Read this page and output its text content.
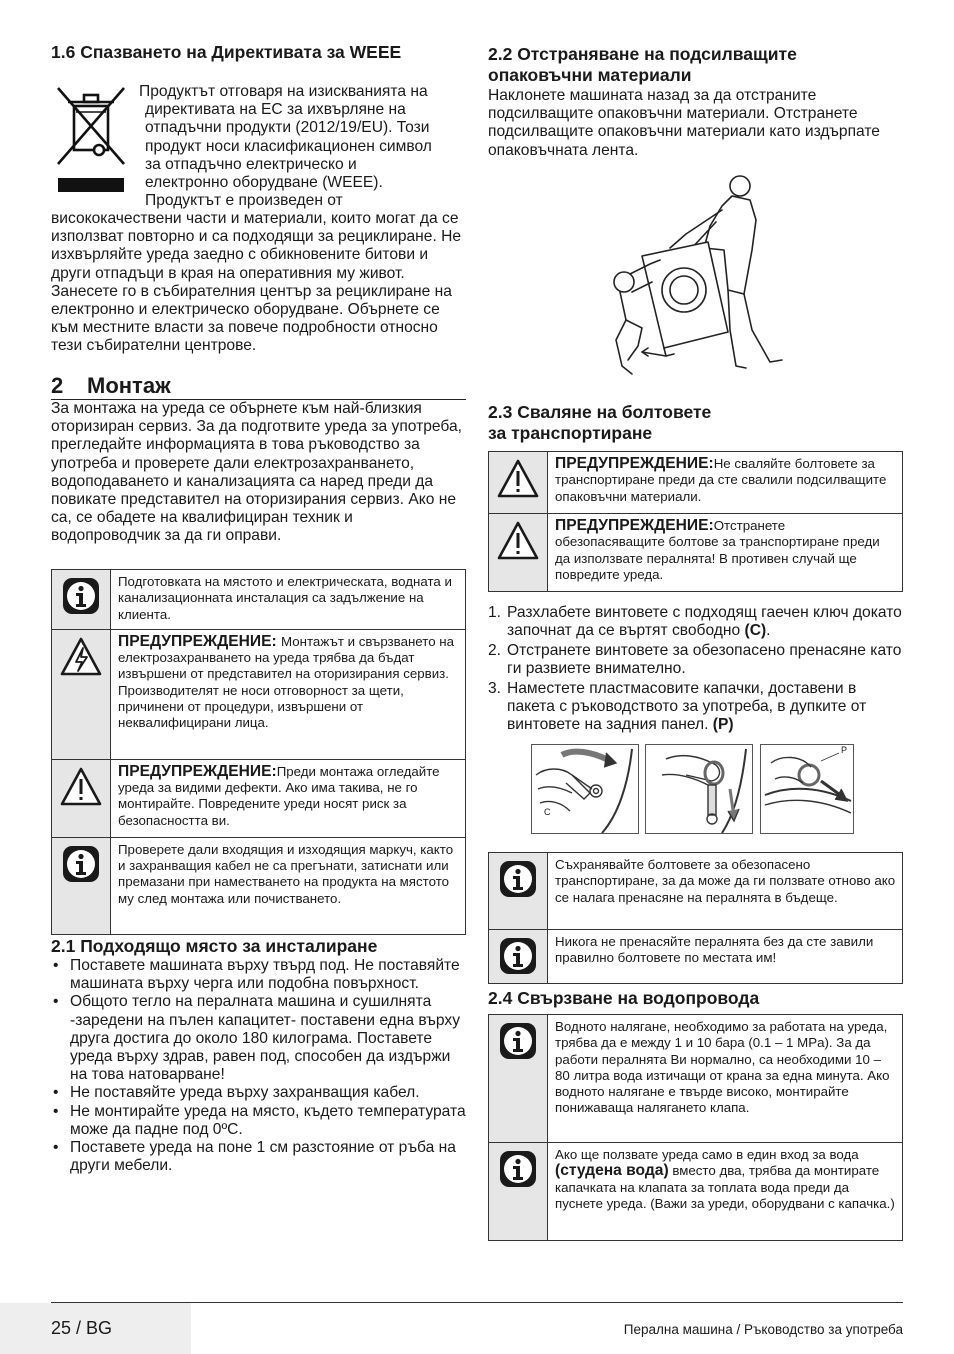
1.6 Спазването на Директивата за WEEE
Продуктът отговаря на изискванията на
директивата на ЕС за ихвърляне на
отпадъчни продукти (2012/19/EU). Този
продукт носи класификационен символ
за отпадъчно електрическо и
електронно оборудване (WEEE).
Продуктът е произведен от

висококачествени части и материали, които могат да се използват повторно и са подходящи за рециклиране. Не изхвърляйте уреда заедно с обикновените битови и други отпадъци в края на оперативния му живот. Занесете го в събирателния център за рециклиране на електронно и електрическо оборудване. Обърнете се към местните власти за повече подробности относно тези събирателни центрове.

2 Монтаж

За монтажа на уреда се обърнете към най-близкия оторизиран сервиз. За да подготвите уреда за употреба, прегледайте информацията в това ръководство за употреба и проверете дали електрозахранването, водоподаването и канализацията са наред преди да повикате представител на оторизирания сервиз. Ако не са, се обадете на квалифициран техник и водопроводчик за да ги оправи.

	Подготовката на мястото и електрическата, водната и канализационната инсталация са задължение на клиента.
	ПРЕДУПРЕЖДЕНИЕ: Монтажът и свързването на електрозахранването на уреда трябва да бъдат извършени от представител на оторизирания сервиз. Производителят не носи отговорност за щети, причинени от процедури, извършени от неквалифицирани лица.
	ПРЕДУПРЕЖДЕНИЕ:Преди монтажа огледайте уреда за видими дефекти. Ако има такива, не го монтирайте. Повредените уреди носят риск за безопасността ви.
	Проверете дали входящия и изходящия маркуч, както и захранващия кабел не са прегънати, затиснати или премазани при наместването на продукта на мястото му след монтажа или почистването.
2.1 Подходящо място за инсталиране
• Поставете машината върху твърд под. Не поставяйте машината върху черга или подобна повърхност.
• Общото тегло на пералната машина и сушилнята -заредени на пълен капацитет- поставени една върху друга достига до около 180 килограма. Поставете уреда върху здрав, равен под, способен да издържи на това натоварване!
• Не поставяйте уреда върху захранващия кабел.
• Не монтирайте уреда на място, където температурата може да падне под 0ºC.
• Поставете уреда на поне 1 см разстояние от ръба на други мебели.
2.2 Отстраняване на подсилващите опаковъчни материали

Наклонете машината назад за да отстраните подсилващите опаковъчни материали. Отстранете подсилващите опаковъчни материали като издърпате опаковъчната лента.

2.3 Сваляне на болтовете
за транспортиране
	ПРЕДУПРЕЖДЕНИЕ:Не сваляйте болтовете за транспортиране преди да сте свалили подсилващите опаковъчни материали.
	ПРЕДУПРЕЖДЕНИЕ:Отстранете обезопасяващите болтове за транспортиране преди да използвате пералнята! В противен случай ще повредите уреда.
1. Разхлабете винтовете с подходящ гаечен ключ докато започнат да се въртят свободно (C).
2. Отстранете винтовете за обезопасено пренасяне като ги развиете внимателно.
3. Наместете пластмасовите капачки, доставени в пакета с ръководството за употреба, в дупките от винтовете на задния панел. (P)
C
P
	Съхранявайте болтовете за обезопасено транспортиране, за да може да ги ползвате отново ако се налага пренасяне на пералнята в бъдеще.
	Никога не пренасяйте пералнята без да сте завили правилно болтовете по местата им!
2.4 Свързване на водопровода
	Водното налягане, необходимо за работата на уреда, трябва да е между 1 и 10 бара (0.1 – 1 MPa). За да работи пералнята Ви нормално, са необходими 10 – 80 литра вода изтичащи от крана за една минута. Ако водното налягане е твърде високо, монтирайте понижаваща налягането клапа.
	Ако ще ползвате уреда само в един вход за вода (студена вода) вместо два, трябва да монтирате капачката на клапата за топлата вода преди да пуснете уреда. (Важи за уреди, оборудвани с капачка.)
25 / BG	Перална машина / Ръководство за употреба
